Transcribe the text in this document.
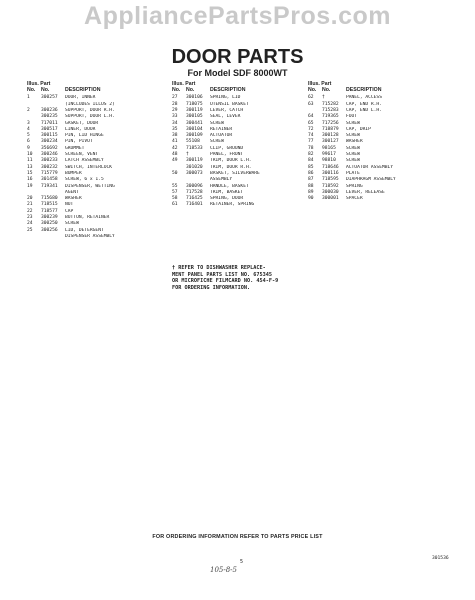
AppliancePartsPros.com
DOOR PARTS
For Model SDF 8000WT
Illus. Part
No.	No.	DESCRIPTION
1	300257	DOOR, INNER
(INCLUDES ILLUS 2)
2	300236	SUPPORT, DOOR R.H.
300235	SUPPORT, DOOR L.H.
3	717011	GASKET, DOOR
4	300517	LINER, DOOR
5	300115	PIN, LID HINGE
6	300234	PIN, PIVOT
9	356692	GROMMET
10	300246	SCREEN, VENT
11	300233	LATCH ASSEMBLY
13	300232	SWITCH, INTERLOCK
15	715779	BUMPER
16	301458	SCREW, 6 x 1.5
19	719341	DISPENSER, WETTING
AGENT
20	715680	WASHER
21	718515	NUT
22	718577	CAP
23	300239	BUTTON, RETAINER
24	300250	SCREW
25	300256	LID, DETERGENT
DISPENSER ASSEMBLY
Illus. Part
No.	No.	DESCRIPTION
27	300106	SPRING, LID
28	718075	UTENSIL BASKET
29	300119	LEVER, CATCH
33	300105	SEAL, LEVER
34	300441	SCREW
35	300104	RETAINER
38	300109	ACTUATOR
41	55108	SCREW
42	718533	CLIP, GROUND
48	†	PANEL, FRONT
49	300119	TRIM, DOOR L.H.
301020	TRIM, DOOR R.H.
50	300073	BASKET, SILVERWARE
ASSEMBLY
55	300096	HANDLE, BASKET
57	717528	TRIM, BASKET
58	716425	SPRING, DOOR
61	716401	RETAINER, SPRING
Illus. Part
No.	No.	DESCRIPTION
62	†	PANEL, ACCESS
63	715282	CAP, END R.H.
715283	CAP, END L.H.
64	719365	FOOT
65	717256	SCREW
72	718879	CAP, DRIP
74	300128	SCREW
77	300127	WASHER
78	98165	SCREW
82	99617	SCREW
84	98810	SCREW
85	718646	ACTUATOR ASSEMBLY
86	300116	PLATE
87	718595	DIAPHRAGM ASSEMBLY
88	718592	SPRING
89	300030	LEVER, RELEASE
90	300001	SPACER
† REFER TO DISHWASHER REPLACE-
MENT PANEL PARTS LIST NO. 675345
OR MICROFICHE FILMCARD NO. 454-F-9
FOR ORDERING INFORMATION.
FOR ORDERING INFORMATION REFER TO PARTS PRICE LIST
5
105-8-5
301536
